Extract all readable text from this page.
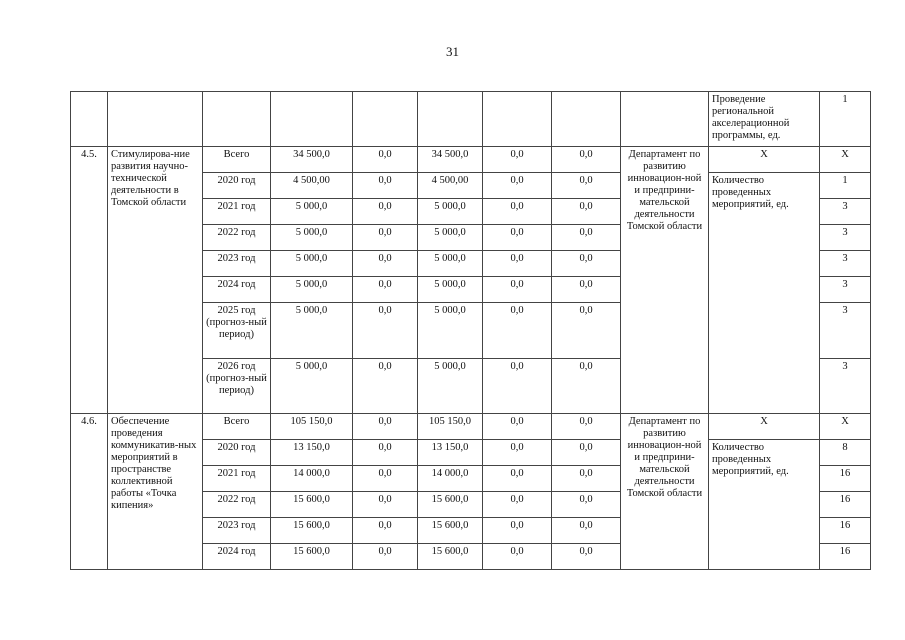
31
									Проведение региональной акселерационной программы, ед.	1
4.5.	Стимулирова-ние развития научно-технической деятельности в Томской области	Всего	34 500,0	0,0	34 500,0	0,0	0,0	Департамент по развитию инновацион-ной и предприни-мательской деятельности Томской области	Х	Х
		2020 год	4 500,00	0,0	4 500,00	0,0	0,0		Количество проведенных мероприятий, ед.	1
		2021 год	5 000,0	0,0	5 000,0	0,0	0,0			3
		2022 год	5 000,0	0,0	5 000,0	0,0	0,0			3
		2023 год	5 000,0	0,0	5 000,0	0,0	0,0			3
		2024 год	5 000,0	0,0	5 000,0	0,0	0,0			3
		2025 год (прогноз-ный период)	5 000,0	0,0	5 000,0	0,0	0,0			3
		2026 год (прогноз-ный период)	5 000,0	0,0	5 000,0	0,0	0,0			3
4.6.	Обеспечение проведения коммуникатив-ных мероприятий в пространстве коллективной работы «Точка кипения»	Всего	105 150,0	0,0	105 150,0	0,0	0,0	Департамент по развитию инновацион-ной и предприни-мательской деятельности Томской области	Х	Х
		2020 год	13 150,0	0,0	13 150,0	0,0	0,0		Количество проведенных мероприятий, ед.	8
		2021 год	14 000,0	0,0	14 000,0	0,0	0,0			16
		2022 год	15 600,0	0,0	15 600,0	0,0	0,0			16
		2023 год	15 600,0	0,0	15 600,0	0,0	0,0			16
		2024 год	15 600,0	0,0	15 600,0	0,0	0,0			16
